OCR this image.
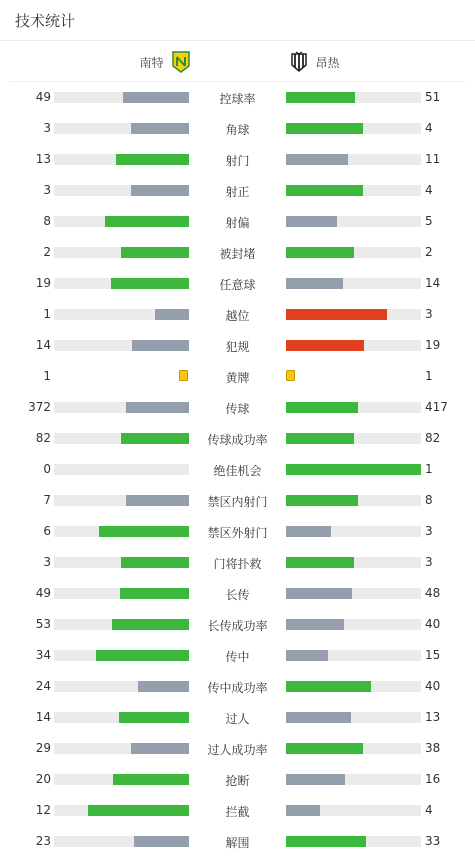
技术统计
南特	昂热
49	控球率	51
3	角球	4
13	射门	11
3	射正	4
8	射偏	5
2	被封堵	2
19	任意球	14
1	越位	3
14	犯规	19
1	黄牌	1
372	传球	417
82	传球成功率	82
0	绝佳机会	1
7	禁区内射门	8
6	禁区外射门	3
3	门将扑救	3
49	长传	48
53	长传成功率	40
34	传中	15
24	传中成功率	40
14	过人	13
29	过人成功率	38
20	抢断	16
12	拦截	4
23	解围	33
